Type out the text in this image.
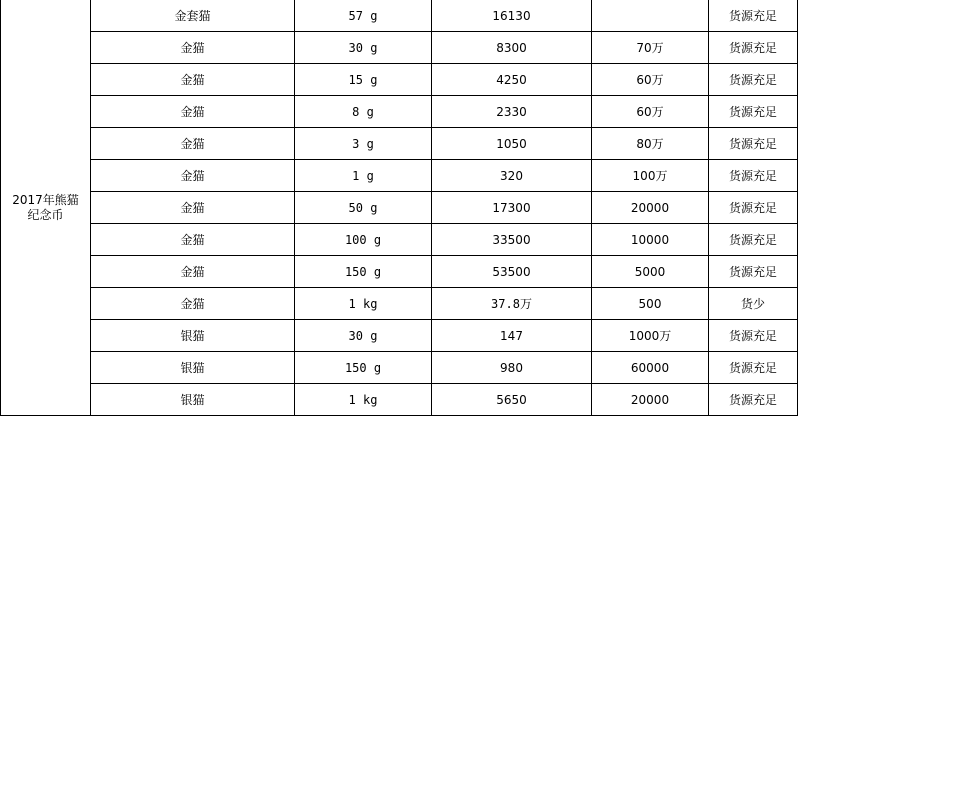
2017年熊猫
纪念币	金套猫	57 g	16130		货源充足
	金猫	30 g	8300	70万	货源充足
	金猫	15 g	4250	60万	货源充足
	金猫	8 g	2330	60万	货源充足
	金猫	3 g	1050	80万	货源充足
	金猫	1 g	320	100万	货源充足
	金猫	50 g	17300	20000	货源充足
	金猫	100 g	33500	10000	货源充足
	金猫	150 g	53500	5000	货源充足
	金猫	1 kg	37.8万	500	货少
	银猫	30 g	147	1000万	货源充足
	银猫	150 g	980	60000	货源充足
	银猫	1 kg	5650	20000	货源充足
